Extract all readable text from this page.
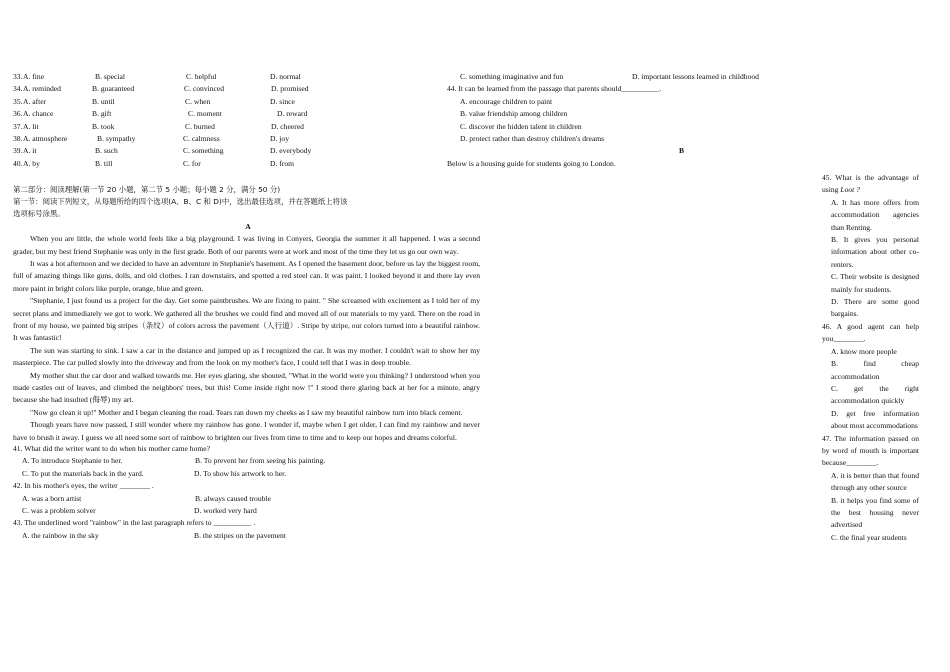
33. A. fine	B. special	C. helpful	D. normal
34. A. reminded	B. guaranteed	C. convinced	D. promised
35. A. after	B. until	C. when	D. since
36. A. chance	B. gift	C. moment	D. reward
37. A. lit	B. took	C. burned	D. cheered
38. A. atmosphere	B. sympathy	C. calmness	D. joy
39. A. it	B. such	C. something	D. everybody
40. A. by	B. till	C. for	D. from
第二部分：阅读理解(第一节 20 小题，第二节 5 小题；每小题 2 分，满分 50 分)
第一节：阅读下列短文，从每题所给的四个选项(A、B、C 和 D)中，选出最佳选项，并在答题纸上将该
选项标号涂黑。
A

When you are little, the whole world feels like a big playground. I was living in Conyers, Georgia the summer it all happened. I was a second grader, but my best friend Stephanie was only in the first grade. Both of our parents were at work and most of the time they let us go our own way.

It was a hot afternoon and we decided to have an adventure in Stephanie's basement. As I opened the basement door, before us lay the biggest room, full of amazing things like guns, dolls, and old clothes. I ran downstairs, and spotted a red steel can. It was paint. I looked beyond it and there lay even more paint in bright colors like purple, orange, blue and green.

"Stephanie, I just found us a project for the day. Get some paintbrushes. We are fixing to paint. " She screamed with excitement as I told her of my secret plans and immediately we got to work. We gathered all the brushes we could find and moved all of our materials to my yard. There on the road in front of my house, we painted big stripes（条纹）of colors across the pavement（人行道）. Stripe by stripe, our colors turned into a beautiful rainbow. It was fantastic!

The sun was starting to sink. I saw a car in the distance and jumped up as I recognized the car. It was my mother. I couldn't wait to show her my masterpiece. The car pulled slowly into the driveway and from the look on my mother's face, I could tell that I was in deep trouble.

My mother shut the car door and walked towards me. Her eyes glaring, she shouted, "What in the world were you thinking? I understood when you made castles out of leaves, and climbed the neighbors' trees, but this! Come inside right now !" I stood there glaring back at her for a minute, angry because she had insulted (侮辱) my art.

"Now go clean it up!" Mother and I began cleaning the road. Tears ran down my cheeks as I saw my beautiful rainbow turn into black cement.

Though years have now passed, I still wonder where my rainbow has gone. I wonder if, maybe when I get older, I can find my rainbow and never have to brush it away. I guess we all need some sort of rainbow to brighten our lives from time to time and to keep our hopes and dreams colorful.

41. What did the writer want to do when his mother came home?
A. To introduce Stephanie to her.	B. To prevent her from seeing his painting.
C. To put the materials back in the yard.	D. To show his artwork to her.
42. In his mother's eyes, the writer ________ .
A. was a born artist	B. always caused trouble
C. was a problem solver	D. worked very hard
43. The underlined word "rainbow" in the last paragraph refers to __________ .
A. the rainbow in the sky	B. the stripes on the pavement
C. something imaginative and fun	D. important lessons learned in childhood
44. It can be learned from the passage that parents should__________.
A. encourage children to paint
B. value friendship among children
C. discover the hidden talent in children
D. protect rather than destroy children's dreams
B
Below is a housing guide for students going to London.

45. What is the advantage of using Loot ?

A. It has more offers from accommodation agencies than Renting.

B. It gives you personal information about other co-renters.

C. Their website is designed mainly for students.

D. There are some good bargains.

46. A good agent can help you________.

A. know more people

B. find cheap accommodation

C. get the right accommodation quickly

D. get free information about most accommodations

47. The information passed on by word of mouth is important because________.

A. it is better than that found through any other source

B. it helps you find some of the best housing never advertised

C. the final year students
